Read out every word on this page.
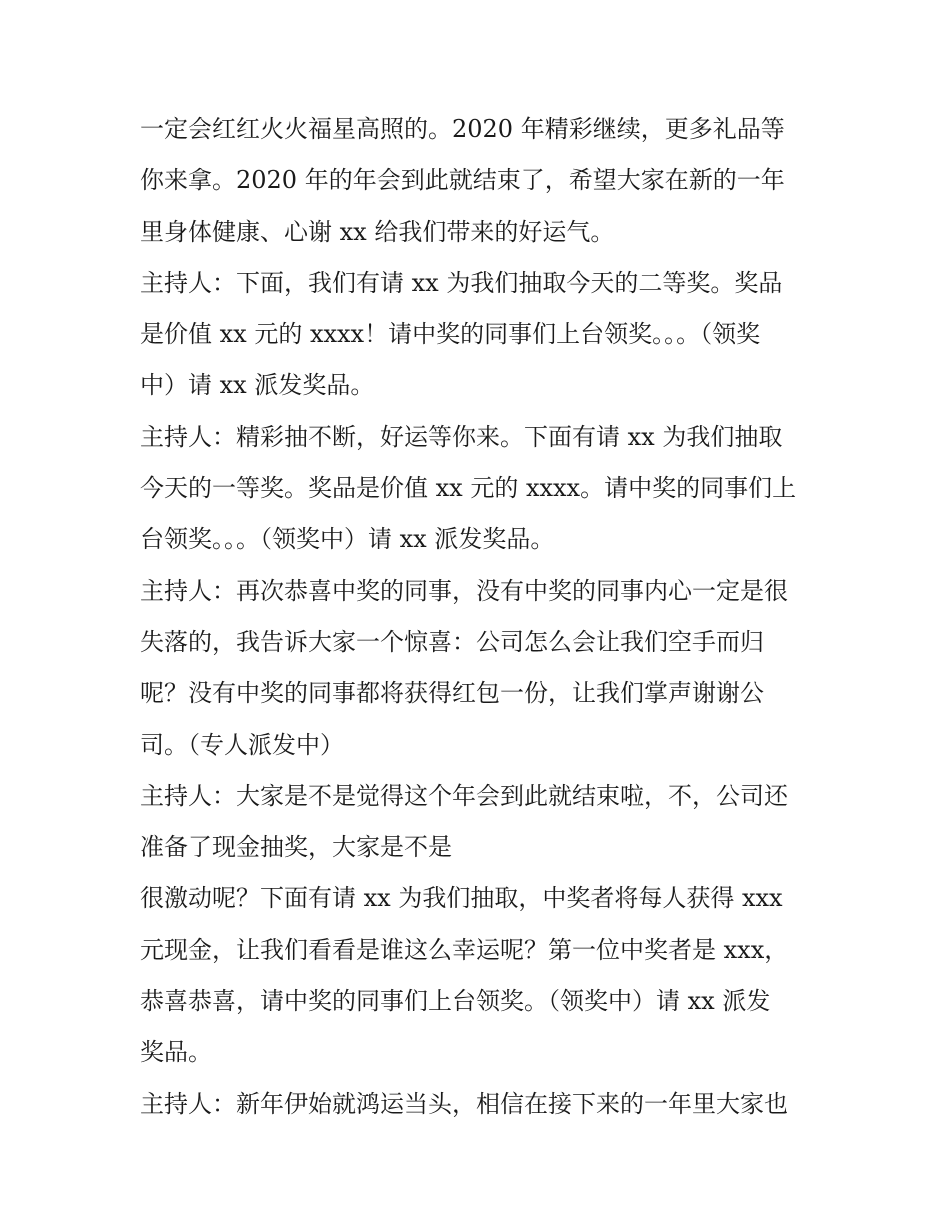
一定会红红火火福星高照的。2020 年精彩继续，更多礼品等
你来拿。2020 年的年会到此就结束了，希望大家在新的一年
里身体健康、心谢 xx 给我们带来的好运气。
主持人：下面，我们有请 xx 为我们抽取今天的二等奖。奖品
是价值 xx 元的 xxxx！请中奖的同事们上台领奖。。。（领奖
中）请 xx 派发奖品。
主持人：精彩抽不断，好运等你来。下面有请 xx 为我们抽取
今天的一等奖。奖品是价值 xx 元的 xxxx。请中奖的同事们上
台领奖。。。（领奖中）请 xx 派发奖品。
主持人：再次恭喜中奖的同事，没有中奖的同事内心一定是很
失落的，我告诉大家一个惊喜：公司怎么会让我们空手而归
呢？没有中奖的同事都将获得红包一份，让我们掌声谢谢公
司。（专人派发中）
主持人：大家是不是觉得这个年会到此就结束啦，不，公司还
准备了现金抽奖，大家是不是
很激动呢？下面有请 xx 为我们抽取，中奖者将每人获得 xxx
元现金，让我们看看是谁这么幸运呢？第一位中奖者是 xxx，
恭喜恭喜，请中奖的同事们上台领奖。（领奖中）请 xx 派发
奖品。
主持人：新年伊始就鸿运当头，相信在接下来的一年里大家也
